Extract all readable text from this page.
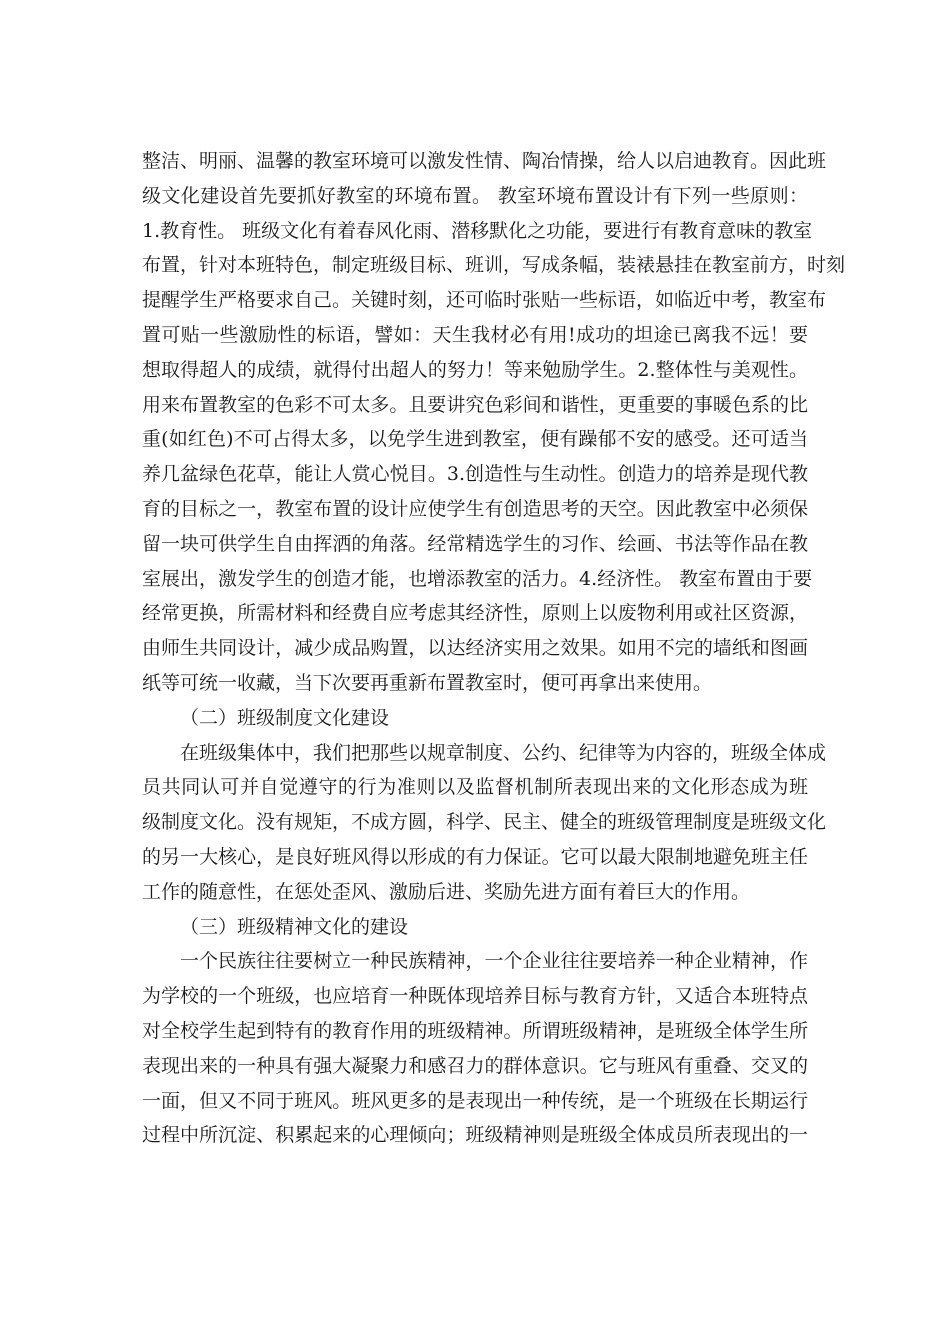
整洁、明丽、温馨的教室环境可以激发性情、陶冶情操，给人以启迪教育。因此班
级文化建设首先要抓好教室的环境布置。 教室环境布置设计有下列一些原则：
1.教育性。 班级文化有着春风化雨、潜移默化之功能，要进行有教育意味的教室
布置，针对本班特色，制定班级目标、班训，写成条幅，装裱悬挂在教室前方，时刻
提醒学生严格要求自己。关键时刻，还可临时张贴一些标语，如临近中考，教室布
置可贴一些激励性的标语，譬如：天生我材必有用!成功的坦途已离我不远！要
想取得超人的成绩，就得付出超人的努力！等来勉励学生。2.整体性与美观性。
用来布置教室的色彩不可太多。且要讲究色彩间和谐性，更重要的事暖色系的比
重(如红色)不可占得太多，以免学生进到教室，便有躁郁不安的感受。还可适当
养几盆绿色花草，能让人赏心悦目。3.创造性与生动性。创造力的培养是现代教
育的目标之一，教室布置的设计应使学生有创造思考的天空。因此教室中必须保
留一块可供学生自由挥洒的角落。经常精选学生的习作、绘画、书法等作品在教
室展出，激发学生的创造才能，也增添教室的活力。4.经济性。 教室布置由于要
经常更换，所需材料和经费自应考虑其经济性，原则上以废物利用或社区资源，
由师生共同设计，减少成品购置，以达经济实用之效果。如用不完的墙纸和图画
纸等可统一收藏，当下次要再重新布置教室时，便可再拿出来使用。
（二）班级制度文化建设
在班级集体中，我们把那些以规章制度、公约、纪律等为内容的，班级全体成
员共同认可并自觉遵守的行为准则以及监督机制所表现出来的文化形态成为班
级制度文化。没有规矩，不成方圆，科学、民主、健全的班级管理制度是班级文化
的另一大核心，是良好班风得以形成的有力保证。它可以最大限制地避免班主任
工作的随意性，在惩处歪风、激励后进、奖励先进方面有着巨大的作用。
（三）班级精神文化的建设
一个民族往往要树立一种民族精神，一个企业往往要培养一种企业精神，作
为学校的一个班级，也应培育一种既体现培养目标与教育方针，又适合本班特点
对全校学生起到特有的教育作用的班级精神。所谓班级精神，是班级全体学生所
表现出来的一种具有强大凝聚力和感召力的群体意识。它与班风有重叠、交叉的
一面，但又不同于班风。班风更多的是表现出一种传统，是一个班级在长期运行
过程中所沉淀、积累起来的心理倾向；班级精神则是班级全体成员所表现出的一
